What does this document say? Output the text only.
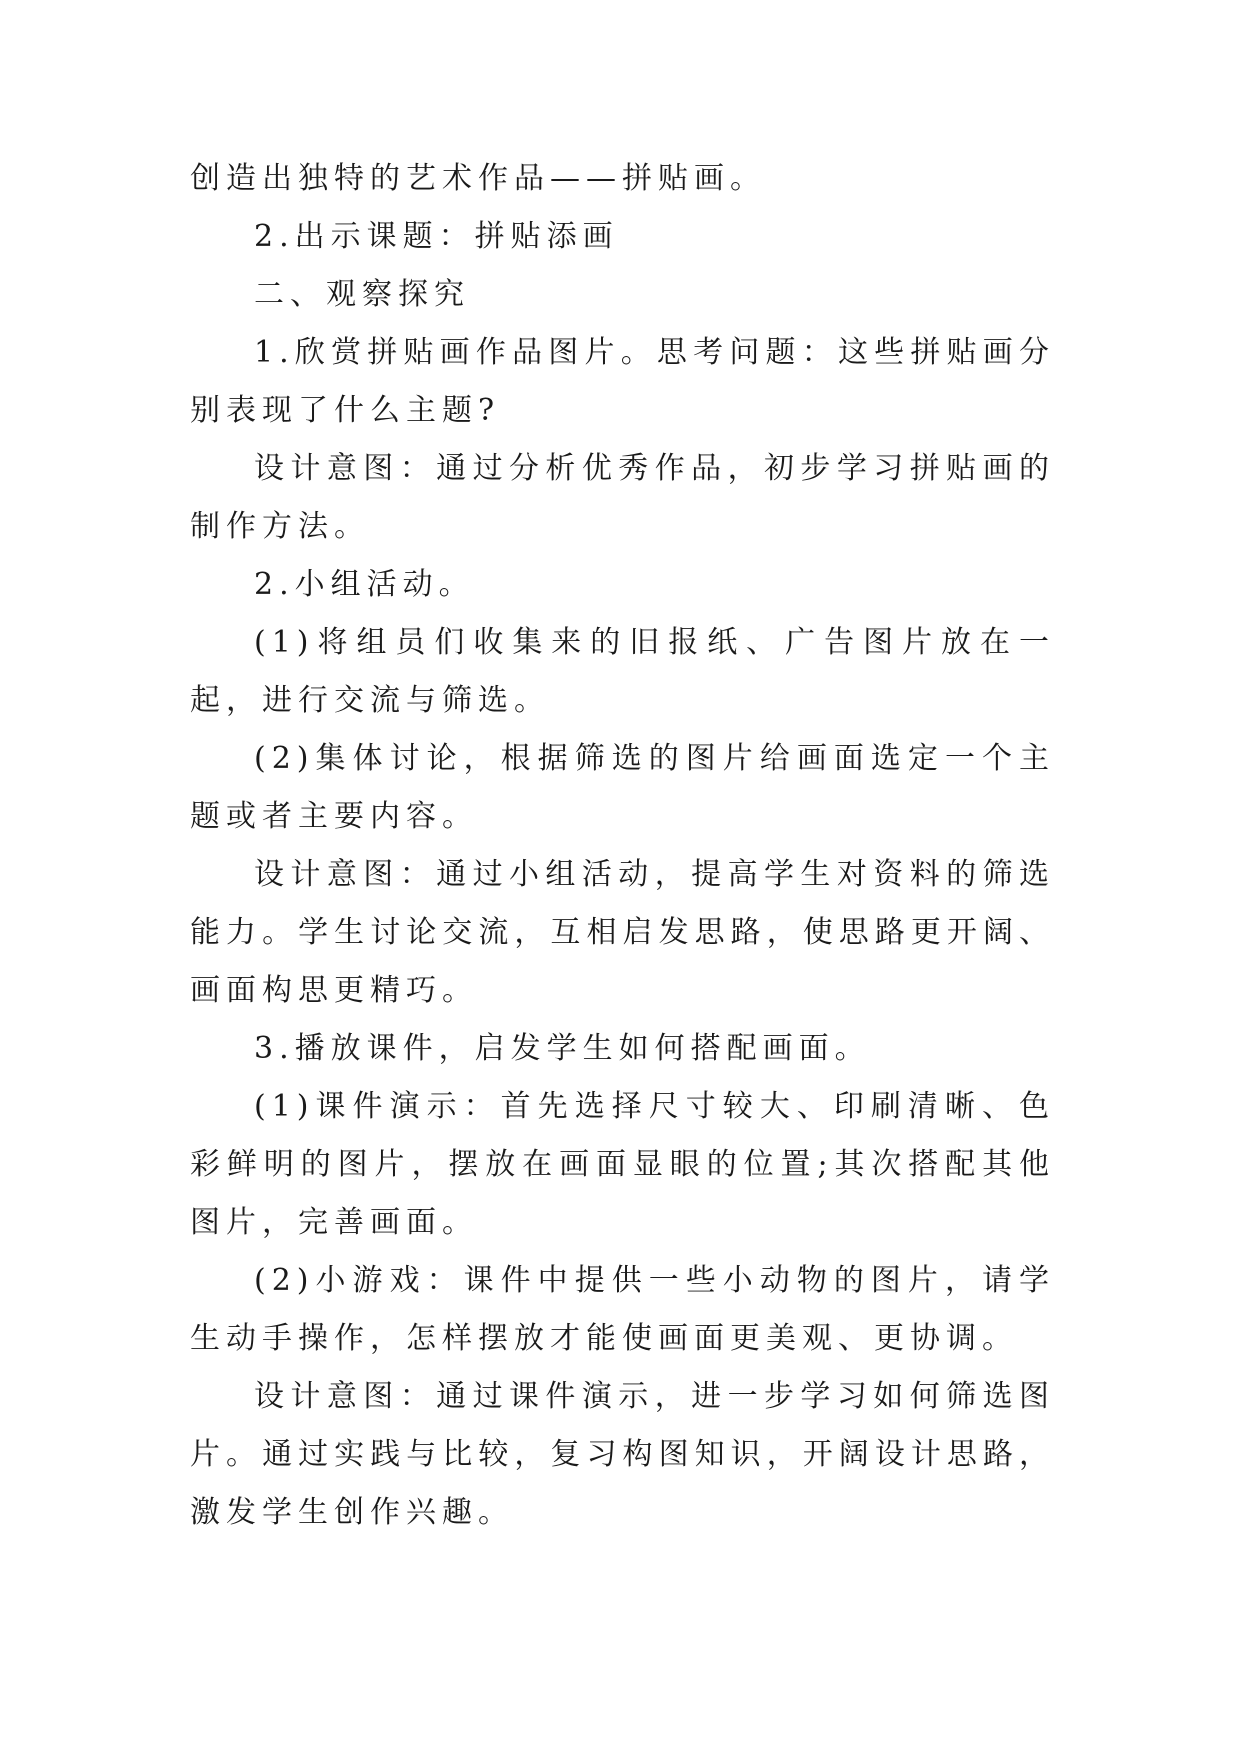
创造出独特的艺术作品——拼贴画。

2.出示课题：拼贴添画

二、观察探究

1.欣赏拼贴画作品图片。思考问题：这些拼贴画分别表现了什么主题?

设计意图：通过分析优秀作品，初步学习拼贴画的制作方法。

2.小组活动。

(1)将组员们收集来的旧报纸、广告图片放在一起，进行交流与筛选。

(2)集体讨论，根据筛选的图片给画面选定一个主题或者主要内容。

设计意图：通过小组活动，提高学生对资料的筛选能力。学生讨论交流，互相启发思路，使思路更开阔、画面构思更精巧。

3.播放课件，启发学生如何搭配画面。

(1)课件演示：首先选择尺寸较大、印刷清晰、色彩鲜明的图片，摆放在画面显眼的位置;其次搭配其他图片，完善画面。

(2)小游戏：课件中提供一些小动物的图片，请学生动手操作，怎样摆放才能使画面更美观、更协调。

设计意图：通过课件演示，进一步学习如何筛选图片。通过实践与比较，复习构图知识，开阔设计思路，激发学生创作兴趣。
